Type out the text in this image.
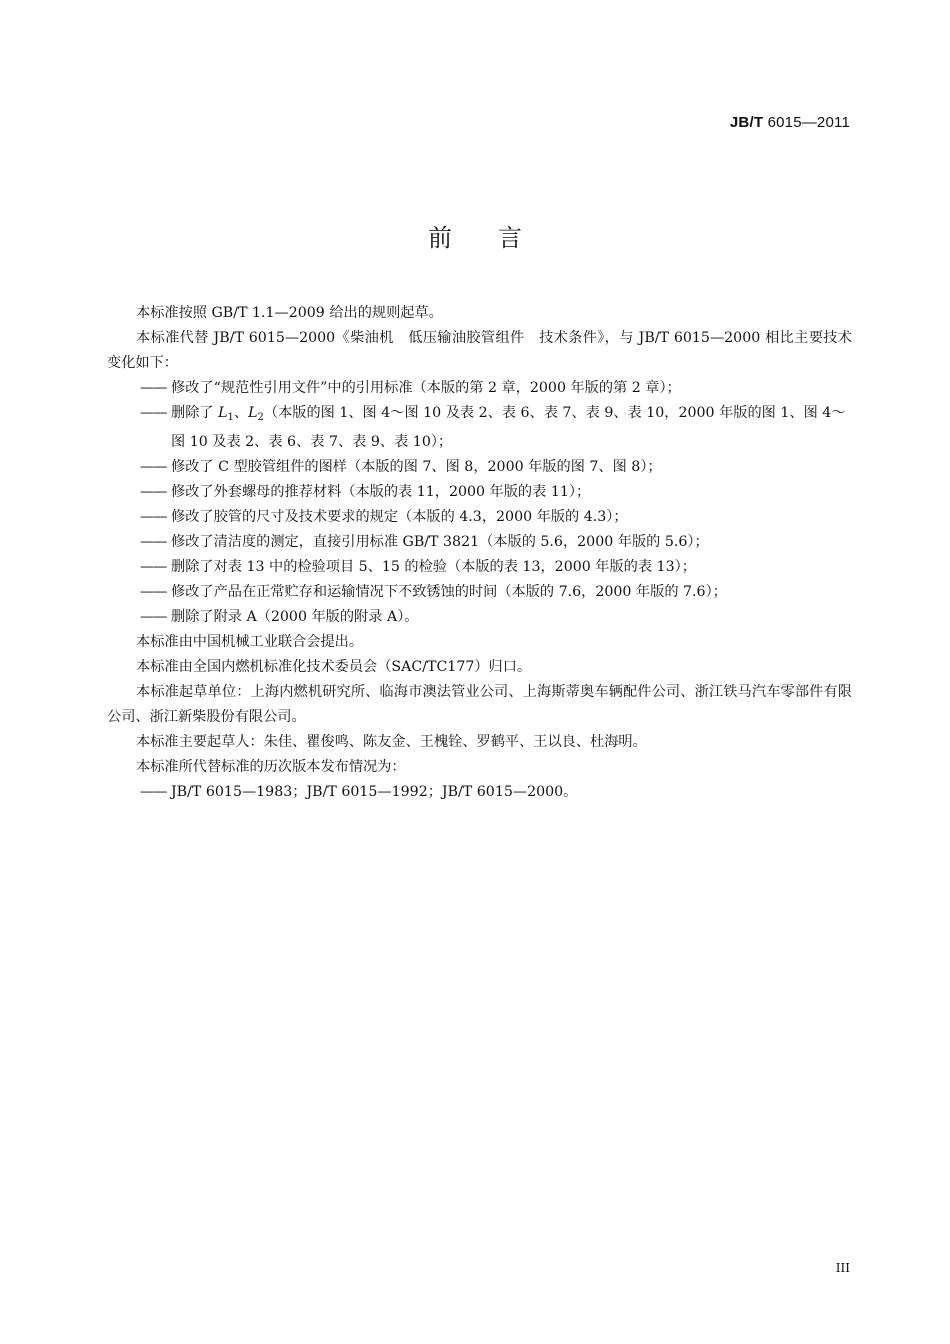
JB/T 6015—2011
前言

本标准按照 GB/T 1.1—2009 给出的规则起草。

本标准代替 JB/T 6015—2000《柴油机　低压输油胶管组件　技术条件》，与 JB/T 6015—2000 相比主要技术变化如下：

—— 修改了“规范性引用文件”中的引用标准（本版的第 2 章，2000 年版的第 2 章）；

—— 删除了 $L_1$、$L_2$（本版的图 1、图 4～图 10 及表 2、表 6、表 7、表 9、表 10，2000 年版的图 1、图 4～图 10 及表 2、表 6、表 7、表 9、表 10）；

—— 修改了 C 型胶管组件的图样（本版的图 7、图 8，2000 年版的图 7、图 8）；

—— 修改了外套螺母的推荐材料（本版的表 11，2000 年版的表 11）；

—— 修改了胶管的尺寸及技术要求的规定（本版的 4.3，2000 年版的 4.3）；

—— 修改了清洁度的测定，直接引用标准 GB/T 3821（本版的 5.6，2000 年版的 5.6）；

—— 删除了对表 13 中的检验项目 5、15 的检验（本版的表 13，2000 年版的表 13）；

—— 修改了产品在正常贮存和运输情况下不致锈蚀的时间（本版的 7.6，2000 年版的 7.6）；

—— 删除了附录 A（2000 年版的附录 A）。

本标准由中国机械工业联合会提出。

本标准由全国内燃机标准化技术委员会（SAC/TC177）归口。

本标准起草单位：上海内燃机研究所、临海市澳法管业公司、上海斯蒂奥车辆配件公司、浙江铁马汽车零部件有限公司、浙江新柴股份有限公司。

本标准主要起草人：朱佳、瞿俊鸣、陈友金、王槐铨、罗鹤平、王以良、杜海明。

本标准所代替标准的历次版本发布情况为：

—— JB/T 6015—1983；JB/T 6015—1992；JB/T 6015—2000。

III
